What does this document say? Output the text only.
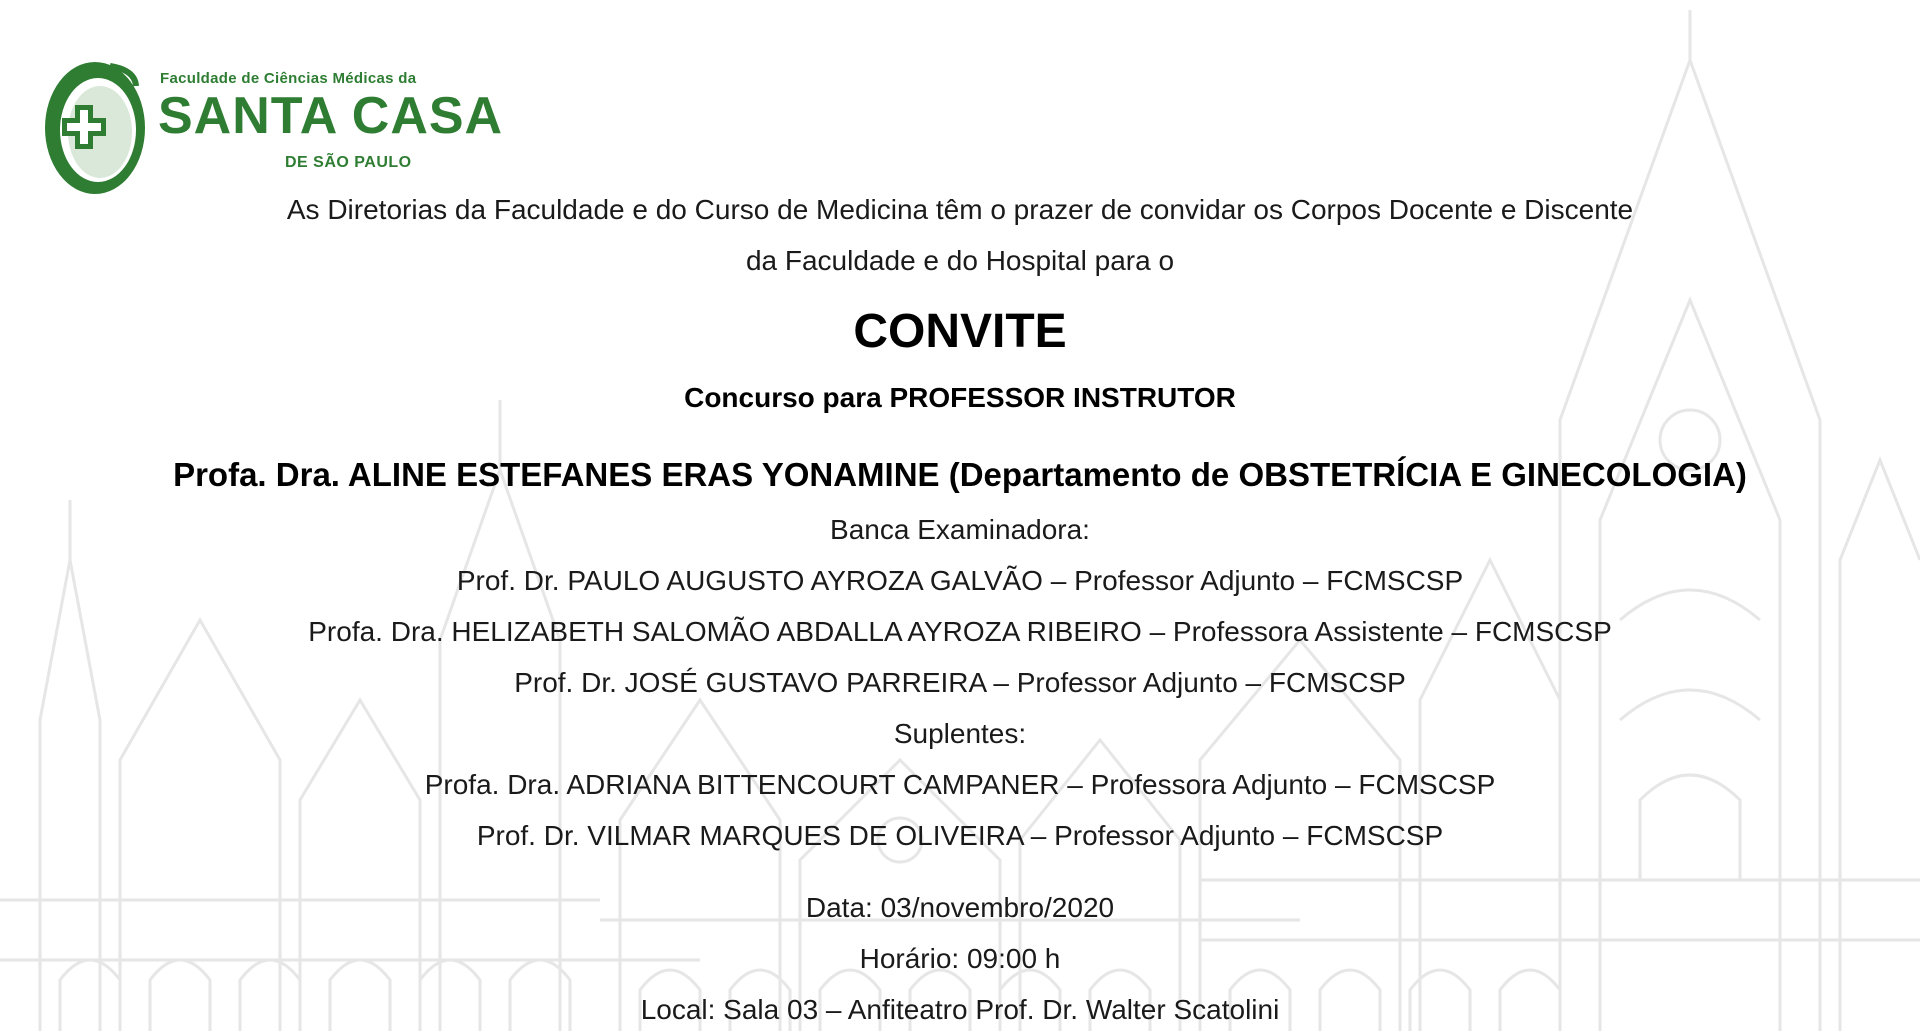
Faculdade de Ciências Médicas da
SANTA CASA
DE SÃO PAULO
As Diretorias da Faculdade e do Curso de Medicina têm o prazer de convidar os Corpos Docente e Discente
da Faculdade e do Hospital para o
CONVITE
Concurso para PROFESSOR INSTRUTOR
Profa. Dra. ALINE ESTEFANES ERAS YONAMINE (Departamento de OBSTETRÍCIA E GINECOLOGIA)
Banca Examinadora:
Prof. Dr. PAULO AUGUSTO AYROZA GALVÃO – Professor Adjunto – FCMSCSP
Profa. Dra. HELIZABETH SALOMÃO ABDALLA AYROZA RIBEIRO – Professora Assistente – FCMSCSP
Prof. Dr. JOSÉ GUSTAVO PARREIRA – Professor Adjunto – FCMSCSP
Suplentes:
Profa. Dra. ADRIANA BITTENCOURT CAMPANER – Professora Adjunto – FCMSCSP
Prof. Dr. VILMAR MARQUES DE OLIVEIRA – Professor Adjunto – FCMSCSP
Data: 03/novembro/2020
Horário: 09:00 h
Local: Sala 03 – Anfiteatro Prof. Dr. Walter Scatolini
